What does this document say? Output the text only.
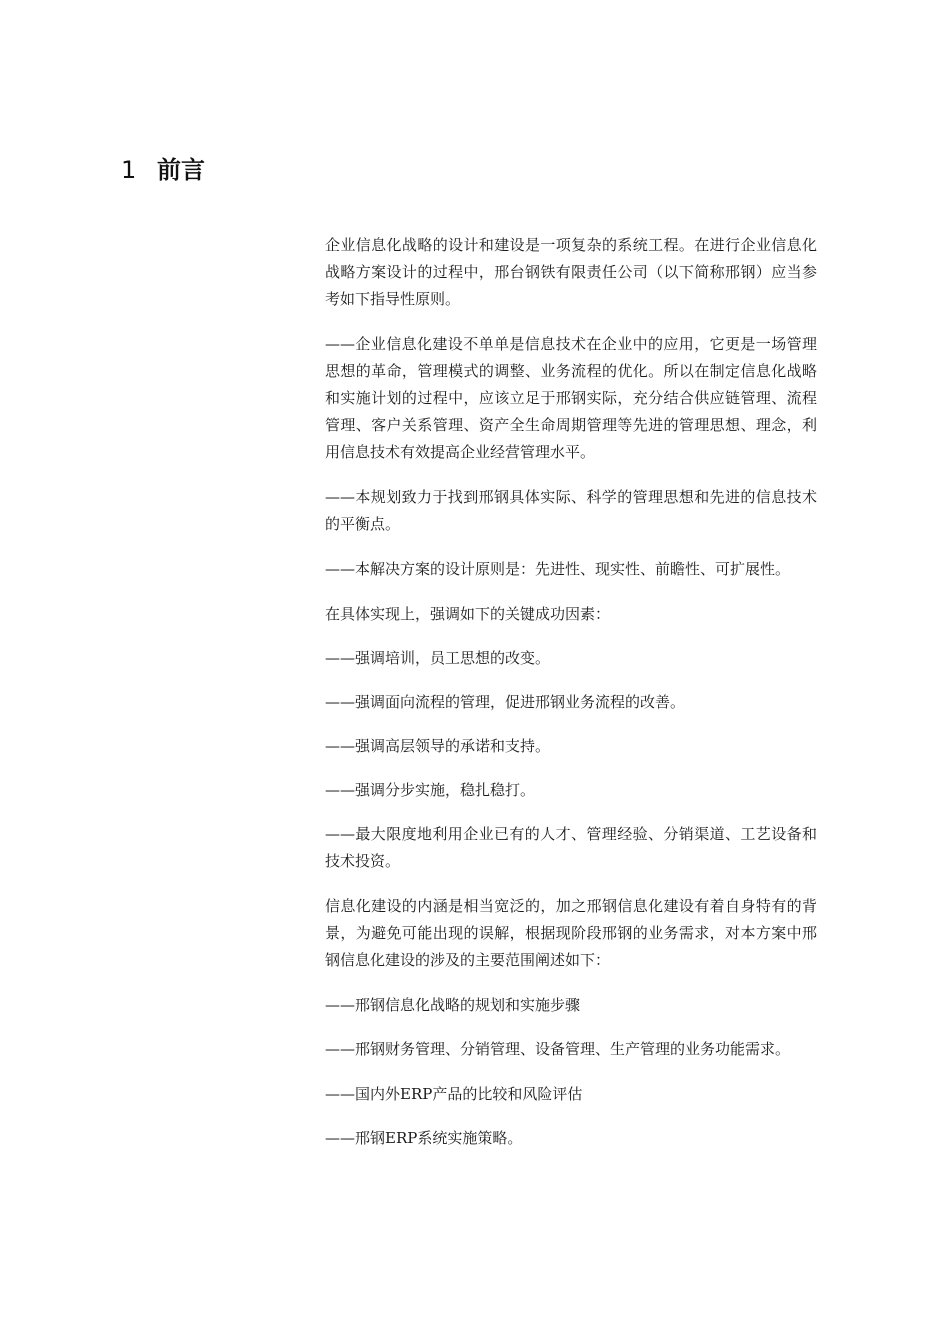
1 前言

企业信息化战略的设计和建设是一项复杂的系统工程。在进行企业信息化战略方案设计的过程中，邢台钢铁有限责任公司（以下简称邢钢）应当参考如下指导性原则。

——企业信息化建设不单单是信息技术在企业中的应用，它更是一场管理思想的革命，管理模式的调整、业务流程的优化。所以在制定信息化战略和实施计划的过程中，应该立足于邢钢实际，充分结合供应链管理、流程管理、客户关系管理、资产全生命周期管理等先进的管理思想、理念，利用信息技术有效提高企业经营管理水平。

——本规划致力于找到邢钢具体实际、科学的管理思想和先进的信息技术的平衡点。

——本解决方案的设计原则是：先进性、现实性、前瞻性、可扩展性。

在具体实现上，强调如下的关键成功因素：

——强调培训，员工思想的改变。

——强调面向流程的管理，促进邢钢业务流程的改善。

——强调高层领导的承诺和支持。

——强调分步实施，稳扎稳打。

——最大限度地利用企业已有的人才、管理经验、分销渠道、工艺设备和技术投资。

信息化建设的内涵是相当宽泛的，加之邢钢信息化建设有着自身特有的背景，为避免可能出现的误解，根据现阶段邢钢的业务需求，对本方案中邢钢信息化建设的涉及的主要范围阐述如下：

——邢钢信息化战略的规划和实施步骤

——邢钢财务管理、分销管理、设备管理、生产管理的业务功能需求。

——国内外ERP产品的比较和风险评估

——邢钢ERP系统实施策略。
